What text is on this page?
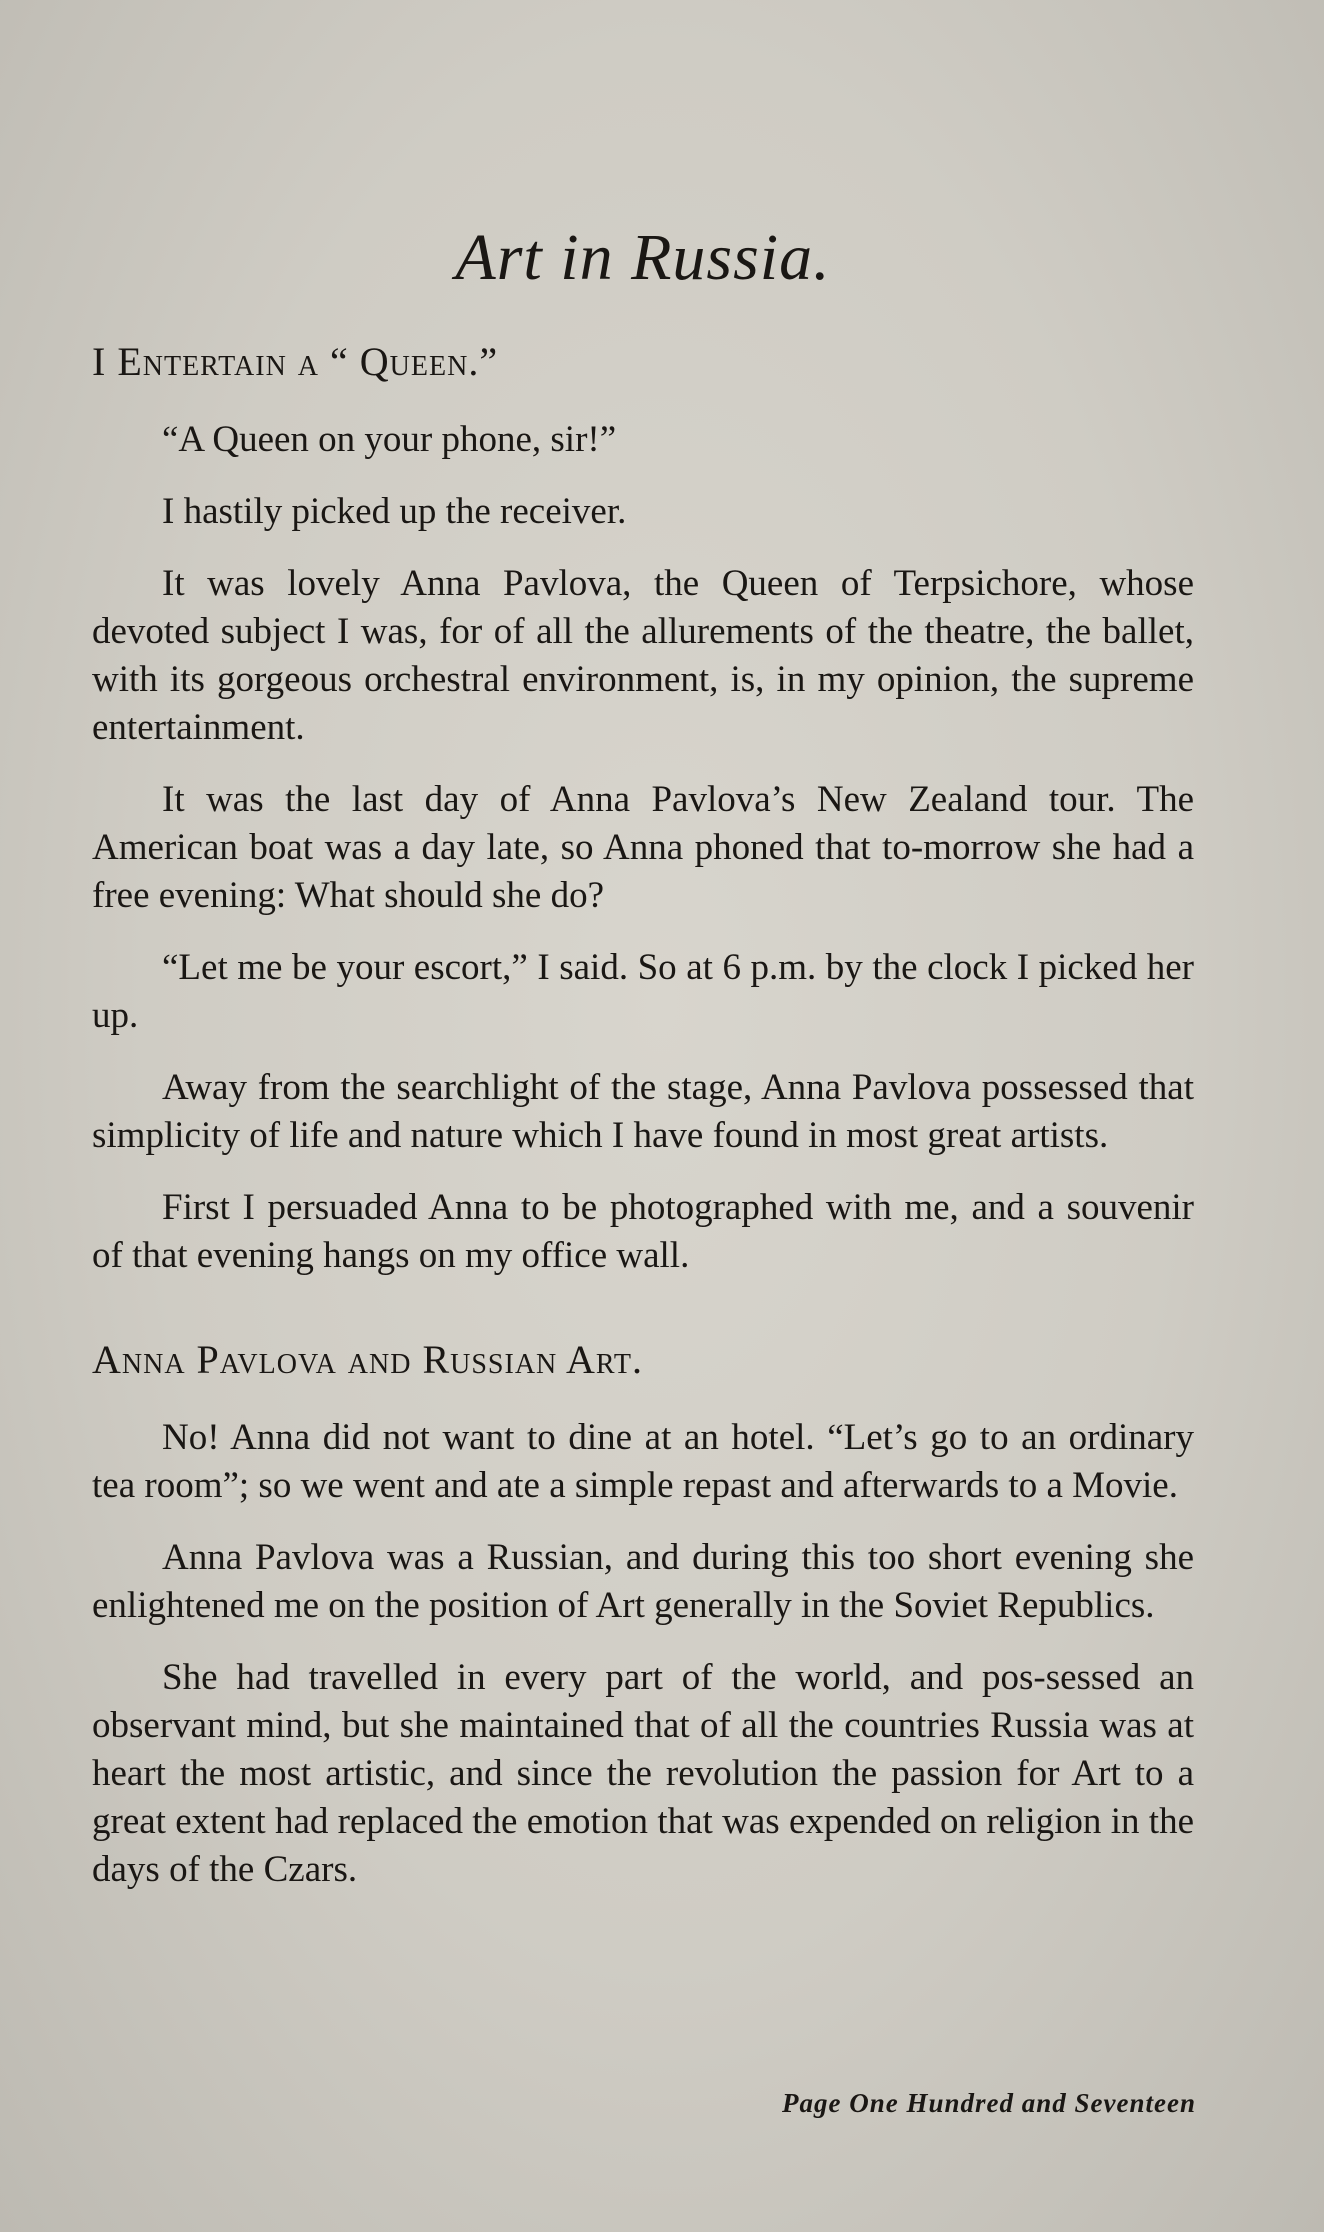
Art in Russia.
I Entertain a “ Queen.”

“A Queen on your phone, sir!”

I hastily picked up the receiver.

It was lovely Anna Pavlova, the Queen of Terpsichore, whose devoted subject I was, for of all the allurements of the theatre, the ballet, with its gorgeous orchestral environment, is, in my opinion, the supreme entertainment.

It was the last day of Anna Pavlova’s New Zealand tour. The American boat was a day late, so Anna phoned that to-morrow she had a free evening: What should she do?

“Let me be your escort,” I said. So at 6 p.m. by the clock I picked her up.

Away from the searchlight of the stage, Anna Pavlova possessed that simplicity of life and nature which I have found in most great artists.

First I persuaded Anna to be photographed with me, and a souvenir of that evening hangs on my office wall.

Anna Pavlova and Russian Art.

No! Anna did not want to dine at an hotel. “Let’s go to an ordinary tea room”; so we went and ate a simple repast and afterwards to a Movie.

Anna Pavlova was a Russian, and during this too short evening she enlightened me on the position of Art generally in the Soviet Republics.

She had travelled in every part of the world, and pos-sessed an observant mind, but she maintained that of all the countries Russia was at heart the most artistic, and since the revolution the passion for Art to a great extent had replaced the emotion that was expended on religion in the days of the Czars.

Page One Hundred and Seventeen
